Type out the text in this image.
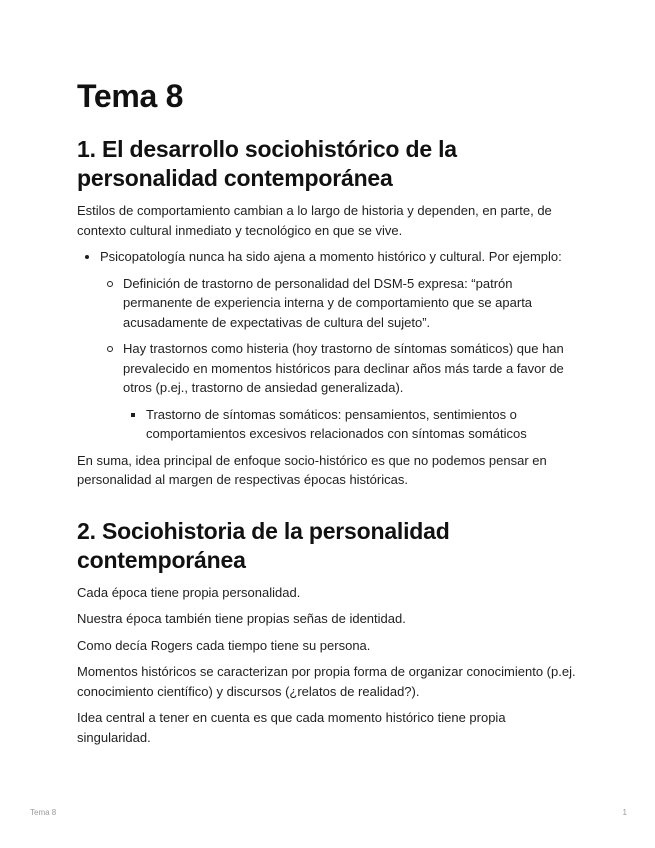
Tema 8
1. El desarrollo sociohistórico de la personalidad contemporánea

Estilos de comportamiento cambian a lo largo de historia y dependen, en parte, de contexto cultural inmediato y tecnológico en que se vive.

Psicopatología nunca ha sido ajena a momento histórico y cultural. Por ejemplo:
Definición de trastorno de personalidad del DSM-5 expresa: “patrón permanente de experiencia interna y de comportamiento que se aparta acusadamente de expectativas de cultura del sujeto”.
Hay trastornos como histeria (hoy trastorno de síntomas somáticos) que han prevalecido en momentos históricos para declinar años más tarde a favor de otros (p.ej., trastorno de ansiedad generalizada).
Trastorno de síntomas somáticos: pensamientos, sentimientos o comportamientos excesivos relacionados con síntomas somáticos

En suma, idea principal de enfoque socio-histórico es que no podemos pensar en personalidad al margen de respectivas épocas históricas.

2. Sociohistoria de la personalidad contemporánea

Cada época tiene propia personalidad.

Nuestra época también tiene propias señas de identidad.

Como decía Rogers cada tiempo tiene su persona.

Momentos históricos se caracterizan por propia forma de organizar conocimiento (p.ej. conocimiento científico) y discursos (¿relatos de realidad?).

Idea central a tener en cuenta es que cada momento histórico tiene propia singularidad.

Tema 8	1
